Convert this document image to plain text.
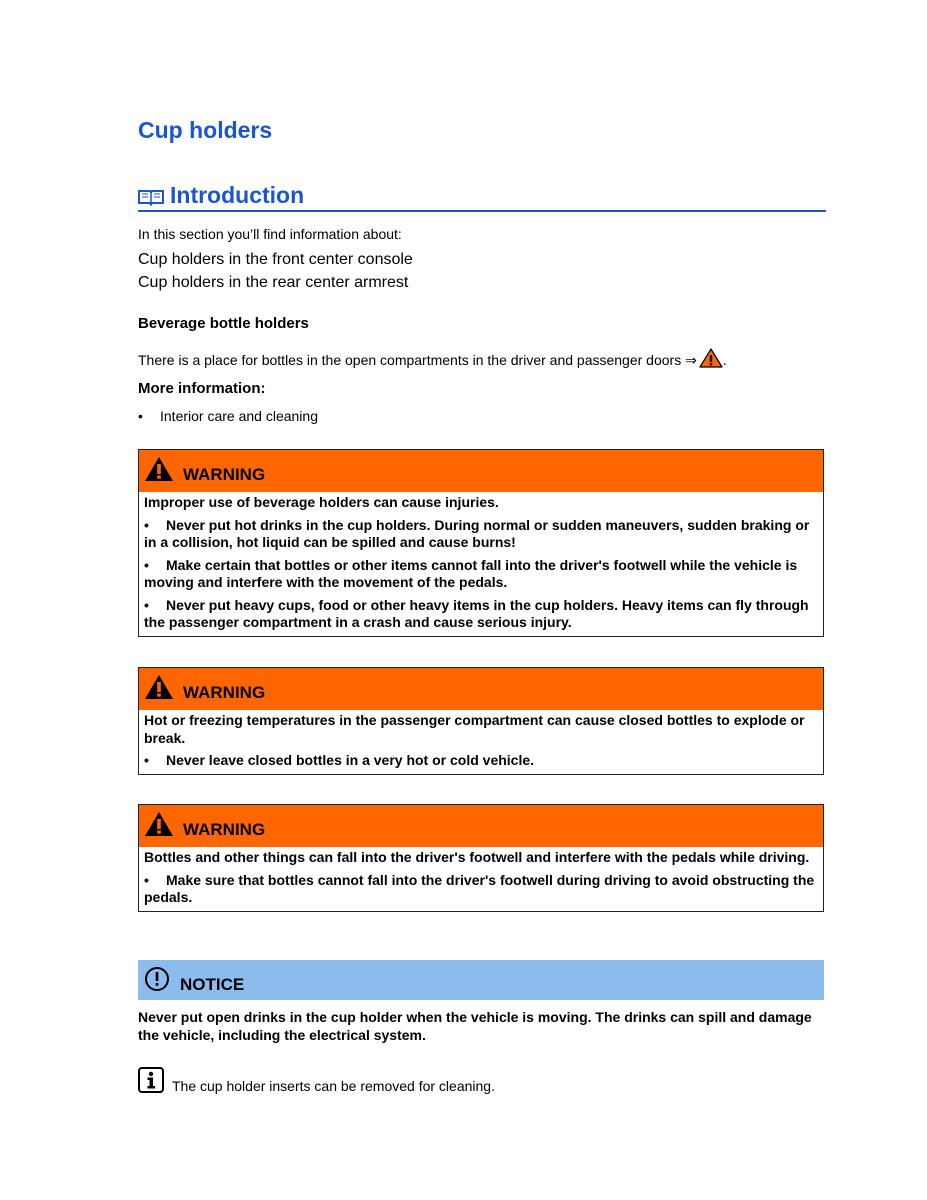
Cup holders
Introduction
In this section you’ll find information about:
Cup holders in the front center console
Cup holders in the rear center armrest
Beverage bottle holders
There is a place for bottles in the open compartments in the driver and passenger doors ⇒ .
More information:
• Interior care and cleaning
WARNING

Improper use of beverage holders can cause injuries.

• Never put hot drinks in the cup holders. During normal or sudden maneuvers, sudden braking or in a collision, hot liquid can be spilled and cause burns!

• Make certain that bottles or other items cannot fall into the driver's footwell while the vehicle is moving and interfere with the movement of the pedals.

• Never put heavy cups, food or other heavy items in the cup holders. Heavy items can fly through the passenger compartment in a crash and cause serious injury.

WARNING

Hot or freezing temperatures in the passenger compartment can cause closed bottles to explode or break.

• Never leave closed bottles in a very hot or cold vehicle.

WARNING

Bottles and other things can fall into the driver's footwell and interfere with the pedals while driving.

• Make sure that bottles cannot fall into the driver's footwell during driving to avoid obstructing the pedals.

NOTICE
Never put open drinks in the cup holder when the vehicle is moving. The drinks can spill and damage the vehicle, including the electrical system.
The cup holder inserts can be removed for cleaning.
